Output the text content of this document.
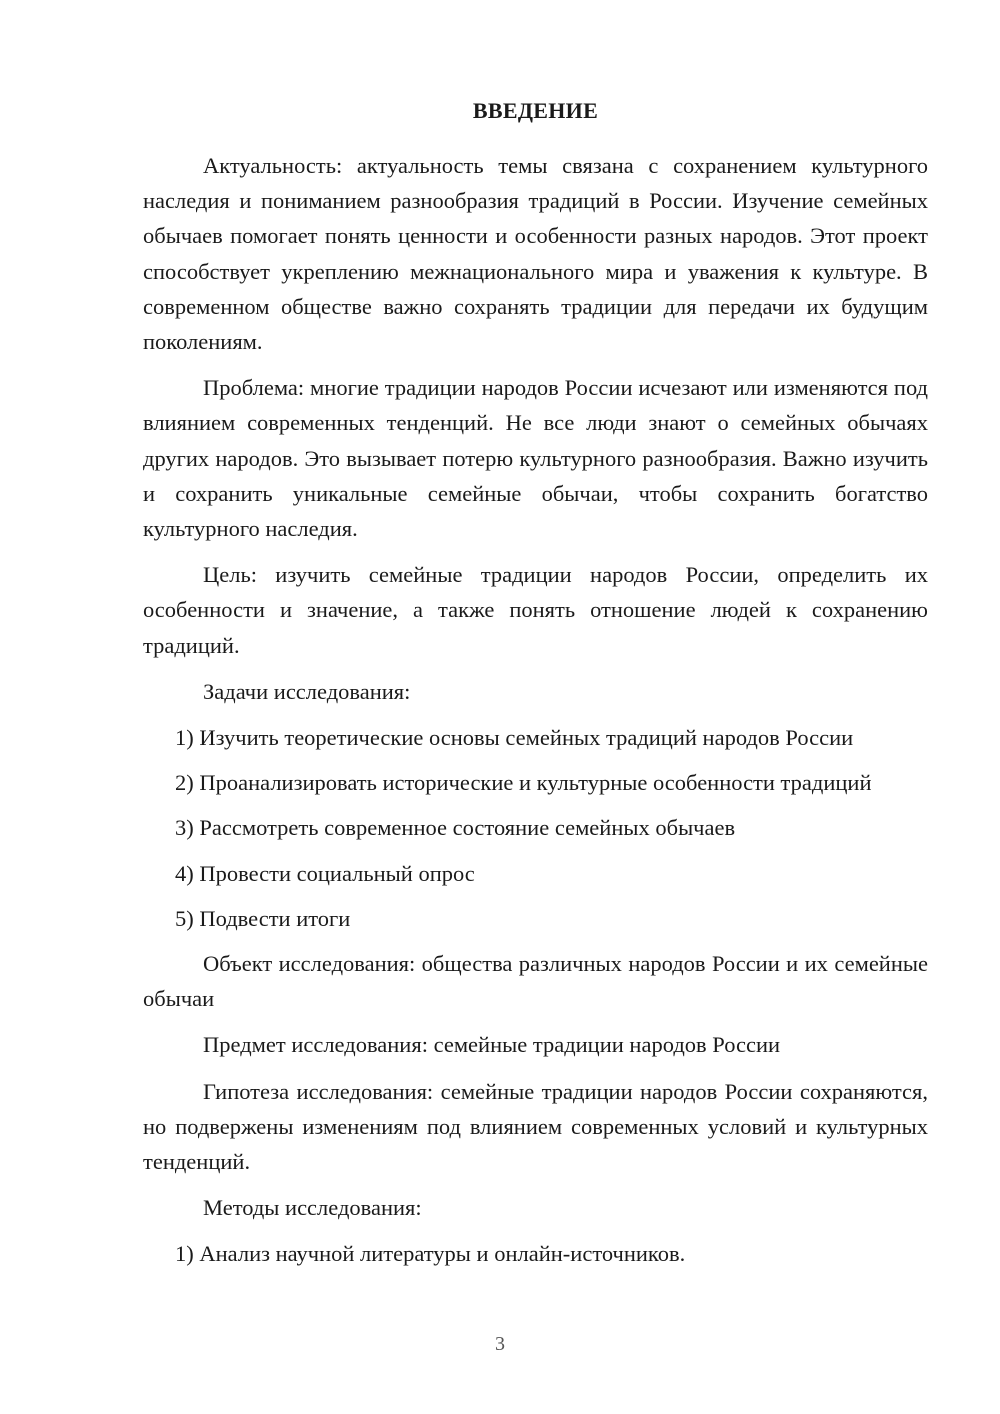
ВВЕДЕНИЕ
Актуальность: актуальность темы связана с сохранением культурного наследия и пониманием разнообразия традиций в России. Изучение семейных обычаев помогает понять ценности и особенности разных народов. Этот проект способствует укреплению межнационального мира и уважения к культуре. В современном обществе важно сохранять традиции для передачи их будущим поколениям.
Проблема: многие традиции народов России исчезают или изменяются под влиянием современных тенденций. Не все люди знают о семейных обычаях других народов. Это вызывает потерю культурного разнообразия. Важно изучить и сохранить уникальные семейные обычаи, чтобы сохранить богатство культурного наследия.
Цель: изучить семейные традиции народов России, определить их особенности и значение, а также понять отношение людей к сохранению традиций.
Задачи исследования:
1) Изучить теоретические основы семейных традиций народов России
2) Проанализировать исторические и культурные особенности традиций
3) Рассмотреть современное состояние семейных обычаев
4) Провести социальный опрос
5) Подвести итоги
Объект исследования: общества различных народов России и их семейные обычаи
Предмет исследования: семейные традиции народов России
Гипотеза исследования: семейные традиции народов России сохраняются, но подвержены изменениям под влиянием современных условий и культурных тенденций.
Методы исследования:
1) Анализ научной литературы и онлайн-источников.
3
